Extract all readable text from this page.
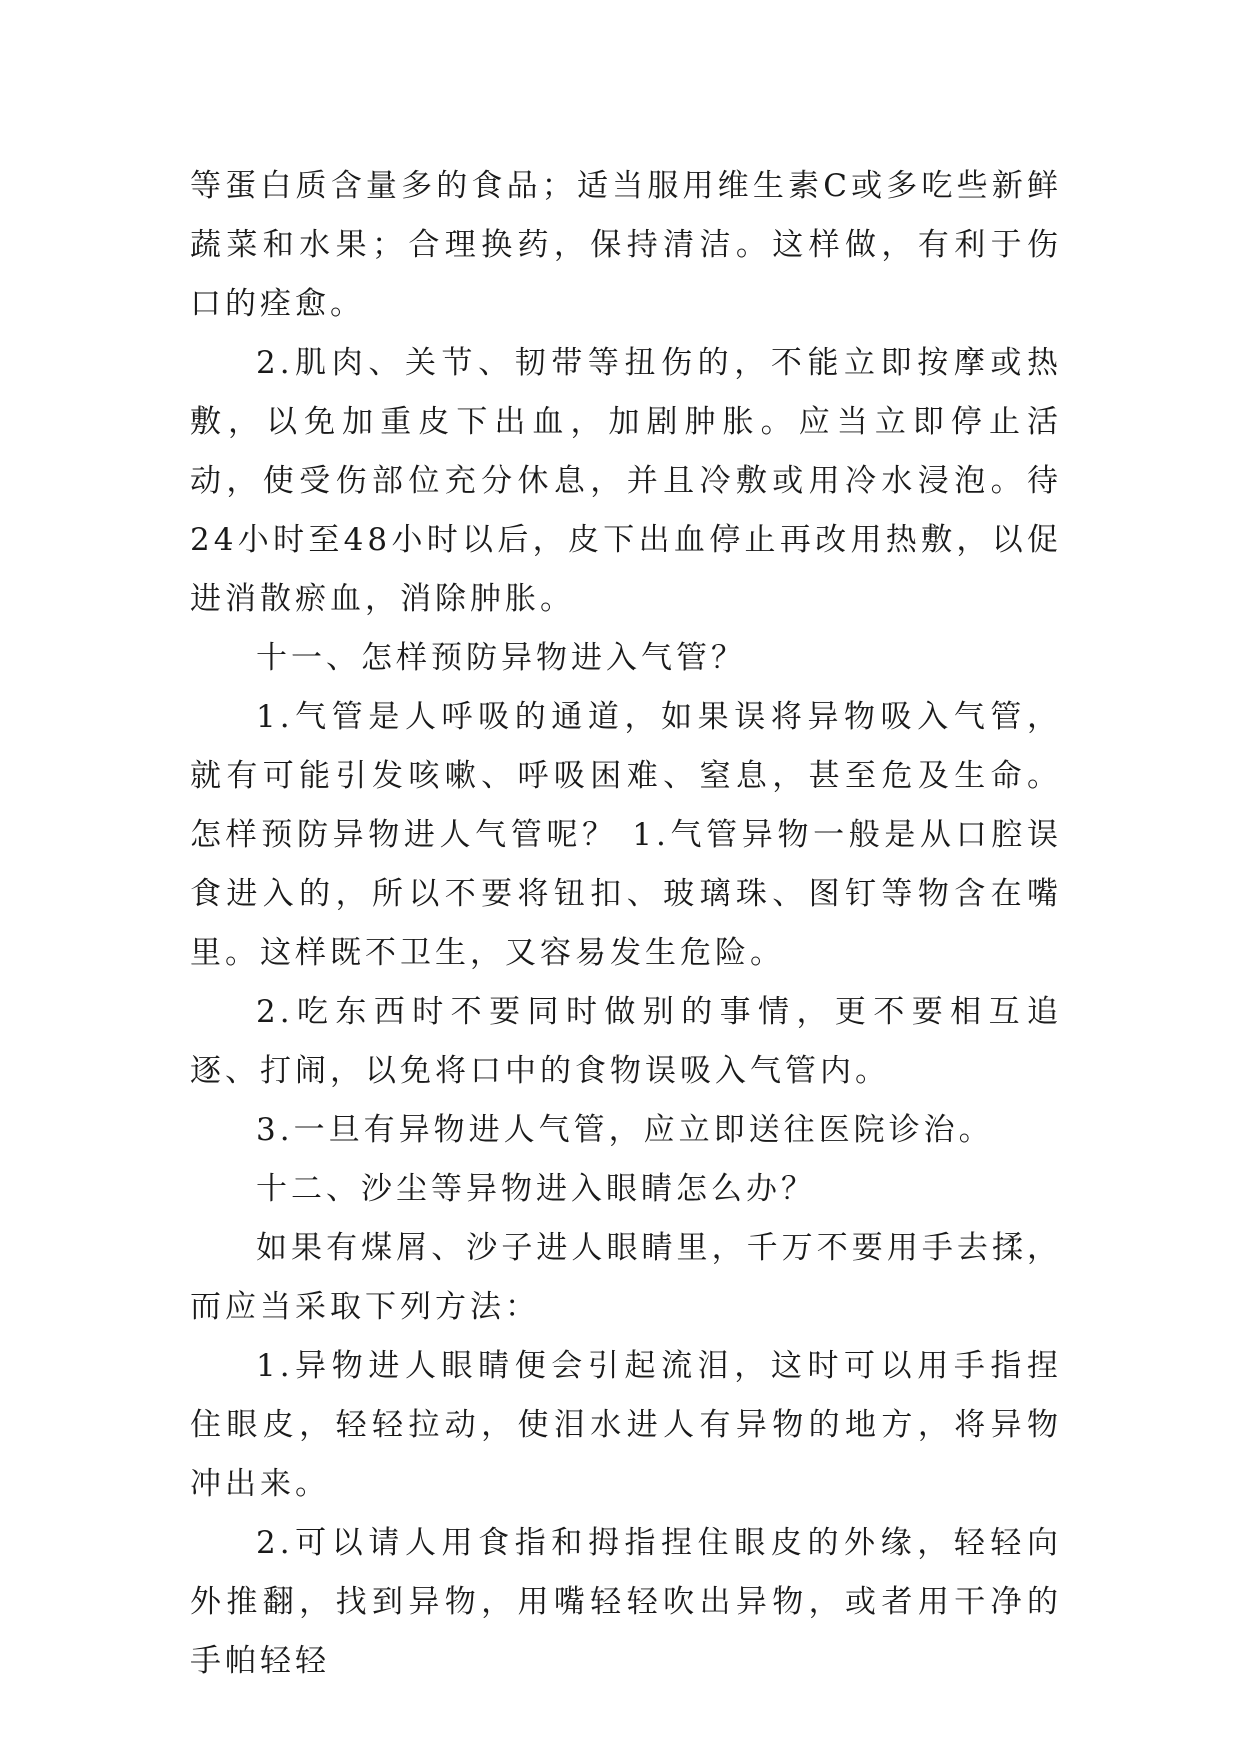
等蛋白质含量多的食品；适当服用维生素C或多吃些新鲜蔬菜和水果；合理换药，保持清洁。这样做，有利于伤口的痊愈。

2.肌肉、关节、韧带等扭伤的，不能立即按摩或热敷，以免加重皮下出血，加剧肿胀。应当立即停止活动，使受伤部位充分休息，并且冷敷或用冷水浸泡。待24小时至48小时以后，皮下出血停止再改用热敷，以促进消散瘀血，消除肿胀。

十一、怎样预防异物进入气管？

1.气管是人呼吸的通道，如果误将异物吸入气管，就有可能引发咳嗽、呼吸困难、窒息，甚至危及生命。怎样预防异物进人气管呢？ 1.气管异物一般是从口腔误食进入的，所以不要将钮扣、玻璃珠、图钉等物含在嘴里。这样既不卫生，又容易发生危险。

2.吃东西时不要同时做别的事情，更不要相互追逐、打闹，以免将口中的食物误吸入气管内。

3.一旦有异物进人气管，应立即送往医院诊治。

十二、沙尘等异物进入眼睛怎么办？

如果有煤屑、沙子进人眼睛里，千万不要用手去揉，而应当采取下列方法：

1.异物进人眼睛便会引起流泪，这时可以用手指捏住眼皮，轻轻拉动，使泪水进人有异物的地方，将异物冲出来。

2.可以请人用食指和拇指捏住眼皮的外缘，轻轻向外推翻，找到异物，用嘴轻轻吹出异物，或者用干净的手帕轻轻
